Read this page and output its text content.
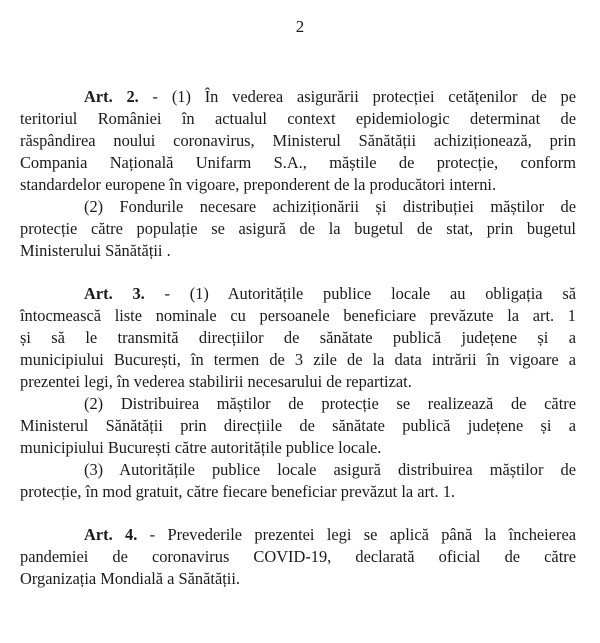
2
Art. 2. - (1) În vederea asigurării protecției cetățenilor de pe
teritoriul României în actualul context epidemiologic determinat de
răspândirea noului coronavirus, Ministerul Sănătății achiziționează, prin
Compania Națională Unifarm S.A., măștile de protecție, conform
standardelor europene în vigoare, preponderent de la producători interni.
(2) Fondurile necesare achiziționării și distribuției măștilor de
protecție către populație se asigură de la bugetul de stat, prin bugetul
Ministerului Sănătății .
Art. 3. - (1) Autoritățile publice locale au obligația să
întocmească liste nominale cu persoanele beneficiare prevăzute la art. 1
și să le transmită direcțiilor de sănătate publică județene și a
municipiului București, în termen de 3 zile de la data intrării în vigoare a
prezentei legi, în vederea stabilirii necesarului de repartizat.
(2) Distribuirea măștilor de protecție se realizează de către
Ministerul Sănătății prin direcțiile de sănătate publică județene și a
municipiului București către autoritățile publice locale.
(3) Autoritățile publice locale asigură distribuirea măștilor de
protecție, în mod gratuit, către fiecare beneficiar prevăzut la art. 1.
Art. 4. - Prevederile prezentei legi se aplică până la încheierea
pandemiei de coronavirus COVID-19, declarată oficial de către
Organizația Mondială a Sănătății.
